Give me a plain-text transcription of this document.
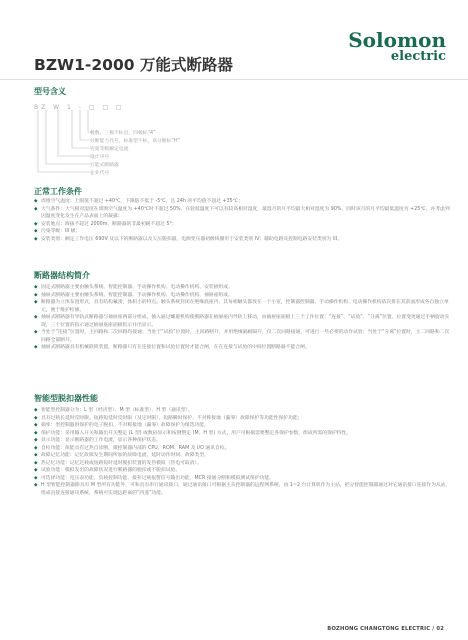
Solomon
electric
BZW1-2000 万能式断路器
型号含义
BZ W 1 - □ □ □
极数，三极不标出，四极标“4”
分断能力代号，标准型不标，高分断标“H”
壳架等级额定电流
设计序号
万能式断路器
企业代号
正常工作条件

◆ 周围空气温度：上限值不超过 +40℃，下限值不低于 -5℃，且 24h 的平均值不超过 +35℃；

◆ 大气条件：大气相对湿度在周围空气温度为 +40℃时不超过 50%，在较低温度下可以有较高相对湿度，最湿月的月平均最大相对湿度为 90%，同时该月的月平均最低温度为 +25℃，并考虑到因温度变化发生在产品表面上的凝露；

◆ 安装地点：海拔不超过 2000m，断路器的非最初耐不超过 5°；

◆ 污染等级：III 级；

◆ 安装类别：额定工作电压 690V 及以下的断路器以及欠压脱扣器，电源变压器初级线圈用于安装类别 IV；辅助电路及控制电路安装类别为 III。

断路器结构简介

◆ 固定式断路器主要由触头系统、智能控制器、手动操作机构、电动操作机构、安装板组成。

◆ 抽屉式断路器主要由触头系统、智能控制器、手动操作机构、电动操作机构、抽屉座组成。

◆ 断路器为立体布置形式，具有结构紧凑，体积小的特点。触头系统封闭在绝缘底座内，其每相触头都放在一个小室，控制器控制器、手动操作机构、电动操作机构依次排在其前面形成各自独立单元，便于维护检修。

◆ 抽屉式断路器有导轨式断路器与抽屉座两部分组成，抽入通过螺旋机构使断路器在抽屉座内导轨上移动，由抽屉座面板上三个工作位置：“连接”、“试验”、“分离”位置，位置变更通过手柄旋动实现，三个位置的指示通过抽屉底座面板指示并出显示。

◆ 当处于“连接”位置时，主回路和二次回路均接通；当处于“试验”位置时，主回路断开，并用绝缘隔板隔开，仅二次回路接通，可进行一些必要的动作试验；当处于“分离”位置时，主二回路和二次回路全部断开。

◆ 抽屉式断路器具有机械联锁装置，断路器只有在连接位置和试验位置时才能合闸，在在连接与试验的中间位置断路器不能合闸。

智能型脱扣器性能

◆ 智能型控制器分为：L 型（经济型）、M 型（标准型）、H 型（通讯型）。

◆ 具有过载长延时反时限、短路短延时反时限（及定时限）、短路瞬时保护、不对称接地（漏零）故障保护等功能性保护功能；

◆ 频率：型控制器供保护的电子脱扣，不对称接地（漏零）故障保护为缓选功能。

◆ 保护功能：采用输入开关和输出开关整定 (L 型) 或数码显示和按键整定 (M、H 型) 方式，用户可根据需要整定各保护参数，组成所需的保护特性。

◆ 显示功能：显示断路器的工作电流，显示各种保护状态。

◆ 自检功能：保能具有过热自诊断，微控制器内部的 CPU、ROM、RAM 及 I/O 通讯自检。

◆ 故障记忆功能：记忆故障发生期间所加的故障电流、延时动作时间、故障类型。

◆ 热记忆功能：记忆过载或短路短时延时脱扣装置的发热模拟（热电可取消）。

◆ 试验功能：模拟发出的故障状况进行断路器的脱扣或不脱扣试验。

◆ 可选择功能：电压表功能、负载控制功能、接补过载报警信号输出功能、MCR 接通分断和模拟测试保护功能。

◆ H 型智能控制器除具有 M 型所有功能外，可和具有串行通讯接口，通过通讯接口可根据主从控制器的远程网系统，由 1~2 台计算机作为主站，把分智能控制器通过对它通讯接口连接作为从站，组成直接连接通讯系统，系统可实现远距离的“四遥”功能。

BOZHONG CHANGTONG ELECTRIC / 02
